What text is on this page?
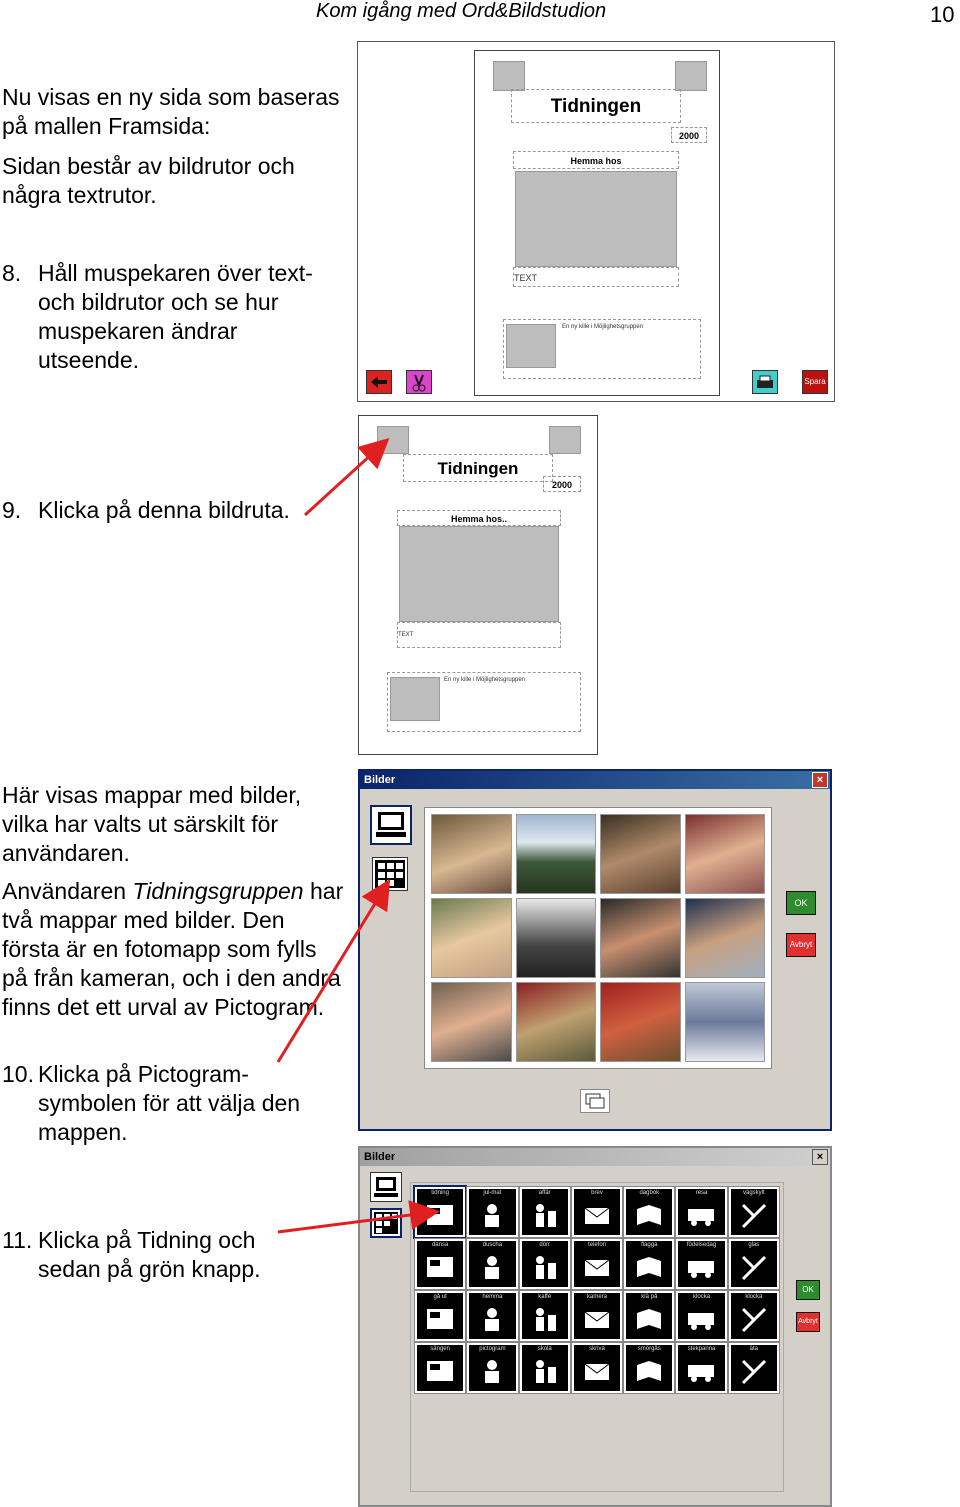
Kom igång med Ord&Bildstudion	10
Nu visas en ny sida som baseras på mallen Framsida:
Sidan består av bildrutor och några textrutor.
8. Håll muspekaren över text- och bildrutor och se hur muspekaren ändrar utseende.
9. Klicka på denna bildruta.
Här visas mappar med bilder, vilka har valts ut särskilt för användaren.
Användaren Tidningsgruppen har två mappar med bilder. Den första är en fotomapp som fylls på från kameran, och i den andra finns det ett urval av Pictogram.
10. Klicka på Pictogram-symbolen för att välja den mappen.
11. Klicka på Tidning och sedan på grön knapp.
Tidningen
2000
Hemma hos
TEXT
En ny kille i Möjlighetsgruppen
Spara
Tidningen
2000
Hemma hos..
TEXT
En ny kille i Möjlighetsgruppen
Bilder	×
OK
Avbryt
Bilder	×
tidning	jul-mat	affär	brev	dagbok	resa	vägskylt
dansa	duscha	dörr	telefon	flagga	födelsedag	glas
gå ut	hemma	kaffe	kamera	klä på	klocka	klocka
sängen	pictogram	skola	skriva	smörgås	stekpanna	äta
OK
Avbryt
